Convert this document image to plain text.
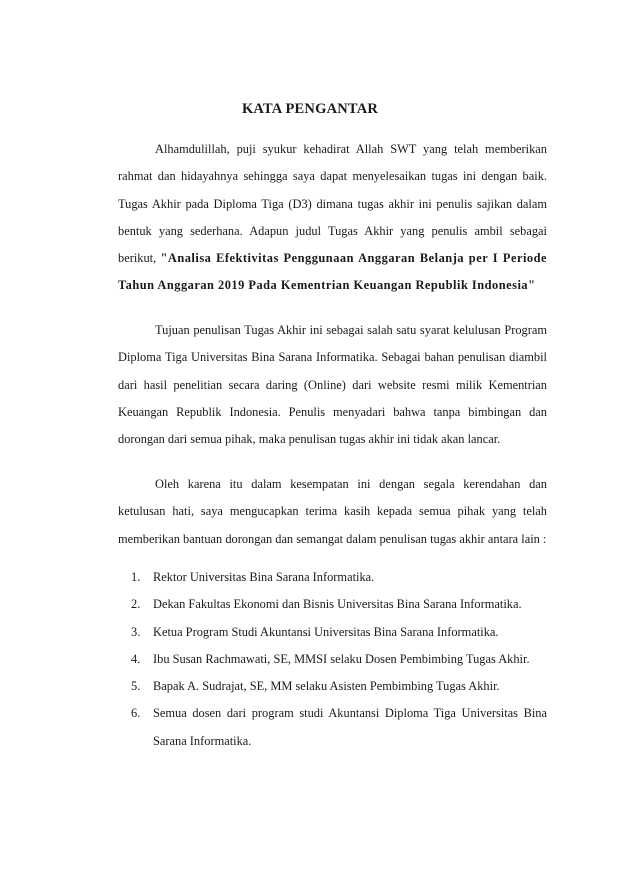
KATA PENGANTAR

Alhamdulillah, puji syukur kehadirat Allah SWT yang telah memberikan rahmat dan hidayahnya sehingga saya dapat menyelesaikan tugas ini dengan baik. Tugas Akhir pada Diploma Tiga (D3) dimana tugas akhir ini penulis sajikan dalam bentuk yang sederhana. Adapun judul Tugas Akhir yang penulis ambil sebagai berikut, "Analisa Efektivitas Penggunaan Anggaran Belanja per I Periode Tahun Anggaran 2019 Pada Kementrian Keuangan Republik Indonesia"

Tujuan penulisan Tugas Akhir ini sebagai salah satu syarat kelulusan Program Diploma Tiga Universitas Bina Sarana Informatika. Sebagai bahan penulisan diambil dari hasil penelitian secara daring (Online) dari website resmi milik Kementrian Keuangan Republik Indonesia. Penulis menyadari bahwa tanpa bimbingan dan dorongan dari semua pihak, maka penulisan tugas akhir ini tidak akan lancar.

Oleh karena itu dalam kesempatan ini dengan segala kerendahan dan ketulusan hati, saya mengucapkan terima kasih kepada semua pihak yang telah memberikan bantuan dorongan dan semangat dalam penulisan tugas akhir antara lain :

1.	Rektor Universitas Bina Sarana Informatika.
2.	Dekan Fakultas Ekonomi dan Bisnis Universitas Bina Sarana Informatika.
3.	Ketua Program Studi Akuntansi Universitas Bina Sarana Informatika.
4.	Ibu Susan Rachmawati, SE, MMSI selaku Dosen Pembimbing Tugas Akhir.
5.	Bapak A. Sudrajat, SE, MM selaku Asisten Pembimbing Tugas Akhir.
6.	Semua dosen dari program studi Akuntansi Diploma Tiga Universitas Bina Sarana Informatika.
